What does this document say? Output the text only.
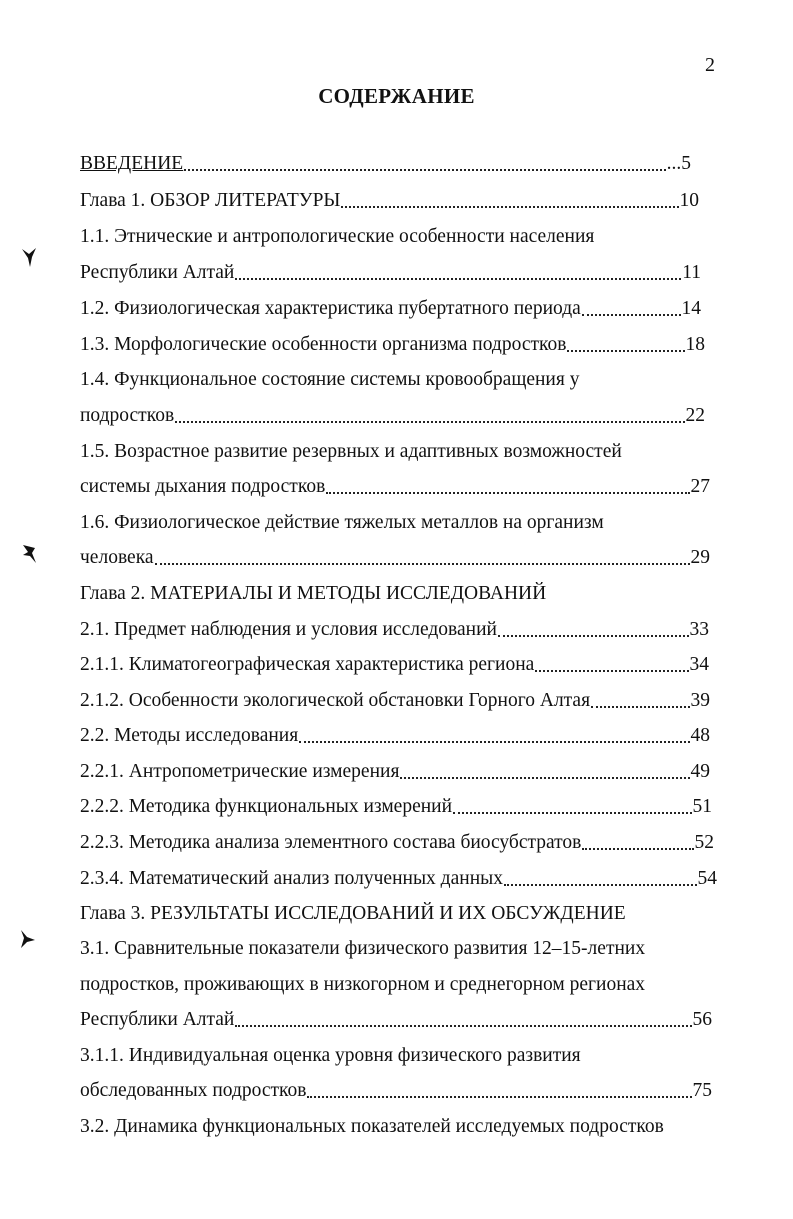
2
СОДЕРЖАНИЕ
ВВЕДЕНИЕ	...5
Глава 1. ОБЗОР ЛИТЕРАТУРЫ	10
1.1. Этнические и антропологические особенности населения
Республики Алтай	11
1.2. Физиологическая характеристика пубертатного периода	14
1.3. Морфологические особенности организма подростков	18
1.4. Функциональное состояние системы кровообращения у
подростков	22
1.5. Возрастное развитие резервных и адаптивных возможностей
системы дыхания подростков	27
1.6. Физиологическое действие тяжелых металлов на организм
человека	29
Глава 2. МАТЕРИАЛЫ И МЕТОДЫ ИССЛЕДОВАНИЙ
2.1. Предмет наблюдения и условия исследований	33
2.1.1. Климатогеографическая характеристика региона	34
2.1.2. Особенности экологической обстановки Горного Алтая	39
2.2. Методы исследования	48
2.2.1. Антропометрические измерения	49
2.2.2. Методика функциональных измерений	51
2.2.3. Методика анализа элементного состава биосубстратов	52
2.3.4. Математический анализ полученных данных	54
Глава 3. РЕЗУЛЬТАТЫ ИССЛЕДОВАНИЙ И ИХ ОБСУЖДЕНИЕ
3.1. Сравнительные показатели физического развития 12–15-летних
подростков, проживающих в низкогорном и среднегорном регионах
Республики Алтай	56
3.1.1. Индивидуальная оценка уровня физического развития
обследованных подростков	75
3.2. Динамика функциональных показателей исследуемых подростков
